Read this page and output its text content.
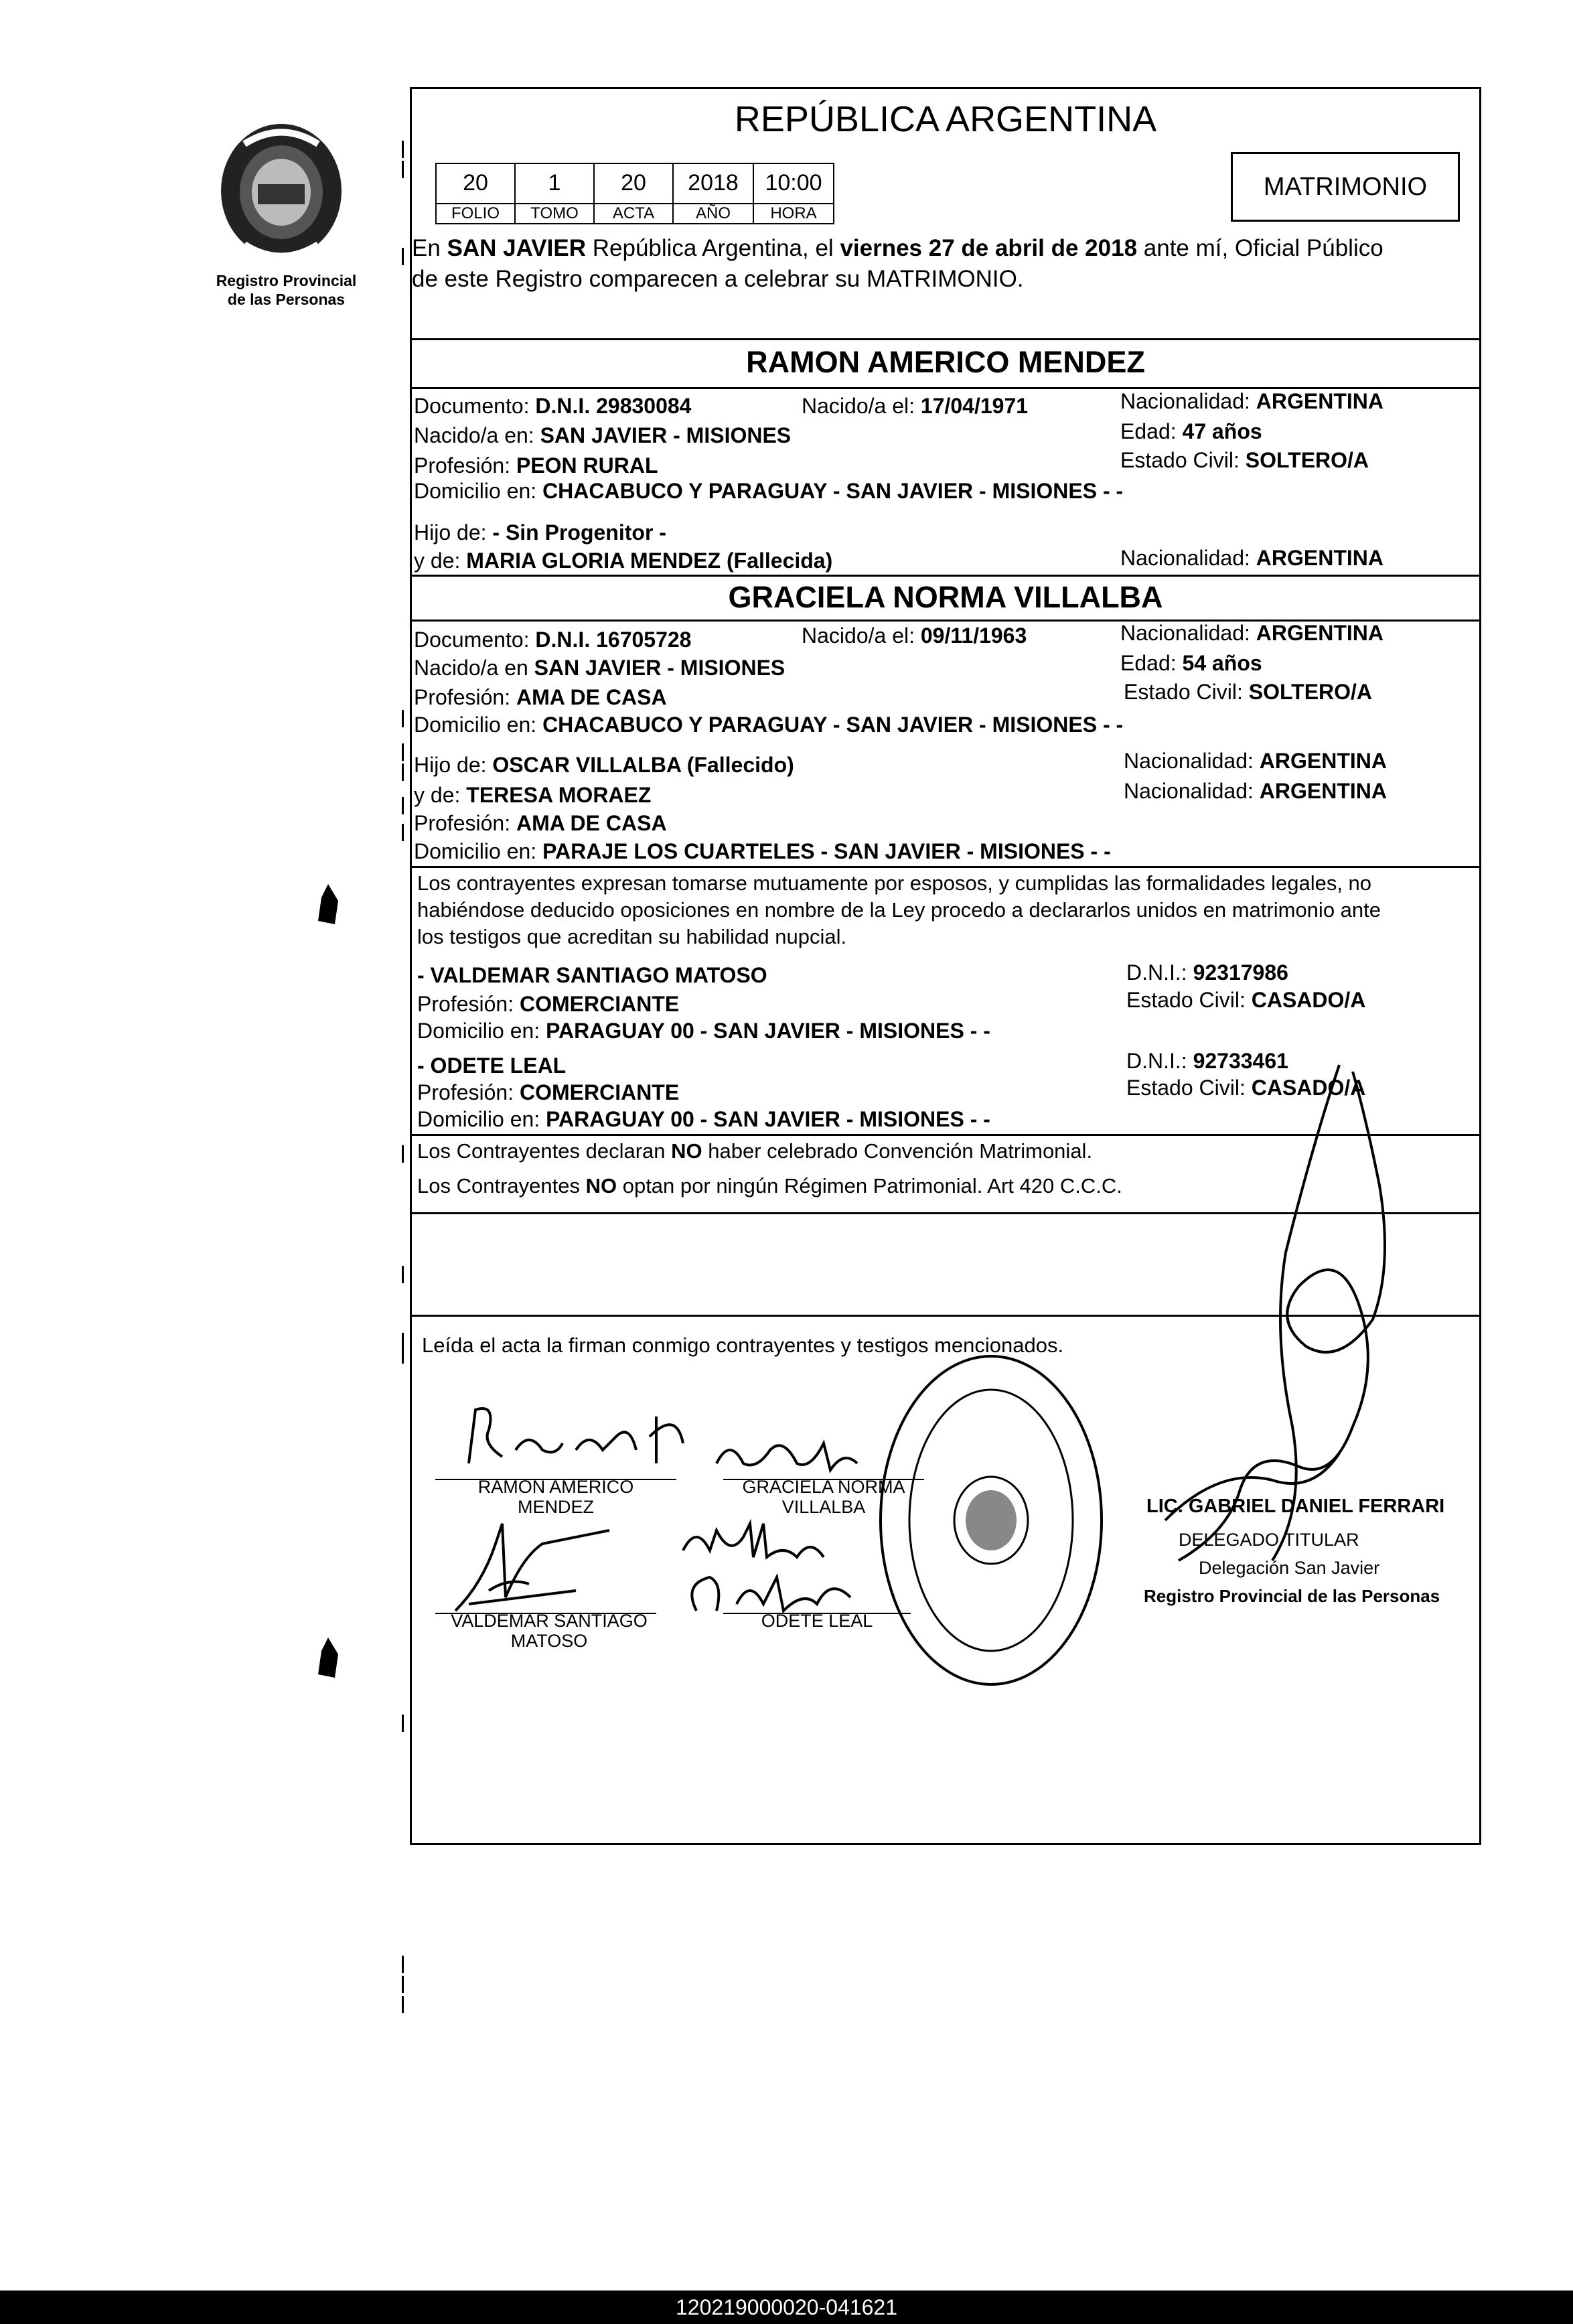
Registro Provincial
de las Personas
REPÚBLICA ARGENTINA
20	1	20	2018	10:00
FOLIO	TOMO	ACTA	AÑO	HORA
MATRIMONIO
En SAN JAVIER República Argentina, el viernes 27 de abril de 2018 ante mí, Oficial Público
de este Registro comparecen a celebrar su MATRIMONIO.
RAMON AMERICO MENDEZ
Documento: D.N.I. 29830084	Nacido/a el: 17/04/1971	Nacionalidad: ARGENTINA
Nacido/a en: SAN JAVIER - MISIONES	Edad: 47 años
Profesión: PEON RURAL	Estado Civil: SOLTERO/A
Domicilio en: CHACABUCO Y PARAGUAY - SAN JAVIER - MISIONES - -
Hijo de: - Sin Progenitor -
y de: MARIA GLORIA MENDEZ (Fallecida)	Nacionalidad: ARGENTINA
GRACIELA NORMA VILLALBA
Documento: D.N.I. 16705728	Nacido/a el: 09/11/1963	Nacionalidad: ARGENTINA
Nacido/a en SAN JAVIER - MISIONES	Edad: 54 años
Profesión: AMA DE CASA	Estado Civil: SOLTERO/A
Domicilio en: CHACABUCO Y PARAGUAY - SAN JAVIER - MISIONES - -
Hijo de: OSCAR VILLALBA (Fallecido)	Nacionalidad: ARGENTINA
y de: TERESA MORAEZ	Nacionalidad: ARGENTINA
Profesión: AMA DE CASA
Domicilio en: PARAJE LOS CUARTELES - SAN JAVIER - MISIONES - -
Los contrayentes expresan tomarse mutuamente por esposos, y cumplidas las formalidades legales, no
habiéndose deducido oposiciones en nombre de la Ley procedo a declararlos unidos en matrimonio ante
los testigos que acreditan su habilidad nupcial.
- VALDEMAR SANTIAGO MATOSO	D.N.I.: 92317986
Profesión: COMERCIANTE	Estado Civil: CASADO/A
Domicilio en: PARAGUAY 00 - SAN JAVIER - MISIONES - -
- ODETE LEAL	D.N.I.: 92733461
Profesión: COMERCIANTE	Estado Civil: CASADO/A
Domicilio en: PARAGUAY 00 - SAN JAVIER - MISIONES - -
Los Contrayentes declaran NO haber celebrado Convención Matrimonial.
Los Contrayentes NO optan por ningún Régimen Patrimonial. Art 420 C.C.C.
Leída el acta la firman conmigo contrayentes y testigos mencionados.
RAMON AMERICO
MENDEZ
GRACIELA NORMA
VILLALBA
VALDEMAR SANTIAGO
MATOSO
ODETE LEAL
LIC. GABRIEL DANIEL FERRARI
DELEGADO TITULAR
Delegación San Javier
Registro Provincial de las Personas
120219000020-041621
